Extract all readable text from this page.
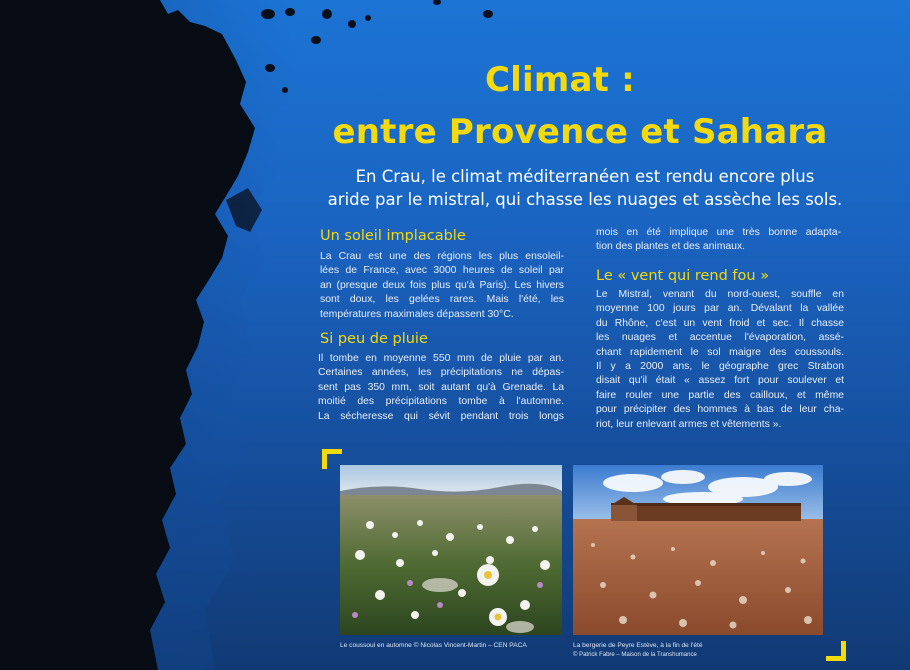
Climat :
entre Provence et Sahara
En Crau, le climat méditerranéen est rendu encore plus
aride par le mistral, qui chasse les nuages et assèche les sols.
Un soleil implacable
La Crau est une des régions les plus ensoleil-
lées de France, avec 3000 heures de soleil par
an (presque deux fois plus qu'à Paris). Les hivers
sont doux, les gelées rares. Mais l'été, les
températures maximales dépassent 30°C.
Si peu de pluie
Il tombe en moyenne 550 mm de pluie par an.
Certaines années, les précipitations ne dépas-
sent pas 350 mm, soit autant qu'à Grenade. La
moitié des précipitations tombe à l'automne.
La sécheresse qui sévit pendant trois longs
mois en été implique une très bonne adapta-
tion des plantes et des animaux.
Le « vent qui rend fou »
Le Mistral, venant du nord-ouest, souffle en
moyenne 100 jours par an. Dévalant la vallée
du Rhône, c'est un vent froid et sec. Il chasse
les nuages et accentue l'évaporation, assé-
chant rapidement le sol maigre des coussouls.
Il y a 2000 ans, le géographe grec Strabon
disait qu'il était « assez fort pour soulever et
faire rouler une partie des cailloux, et même
pour précipiter des hommes à bas de leur cha-
riot, leur enlevant armes et vêtements ».
Le coussoul en automne © Nicolas Vincent-Martin – CEN PACA	La bergerie de Peyre Estève, à la fin de l'été
© Patrick Fabre – Maison de la Transhumance
